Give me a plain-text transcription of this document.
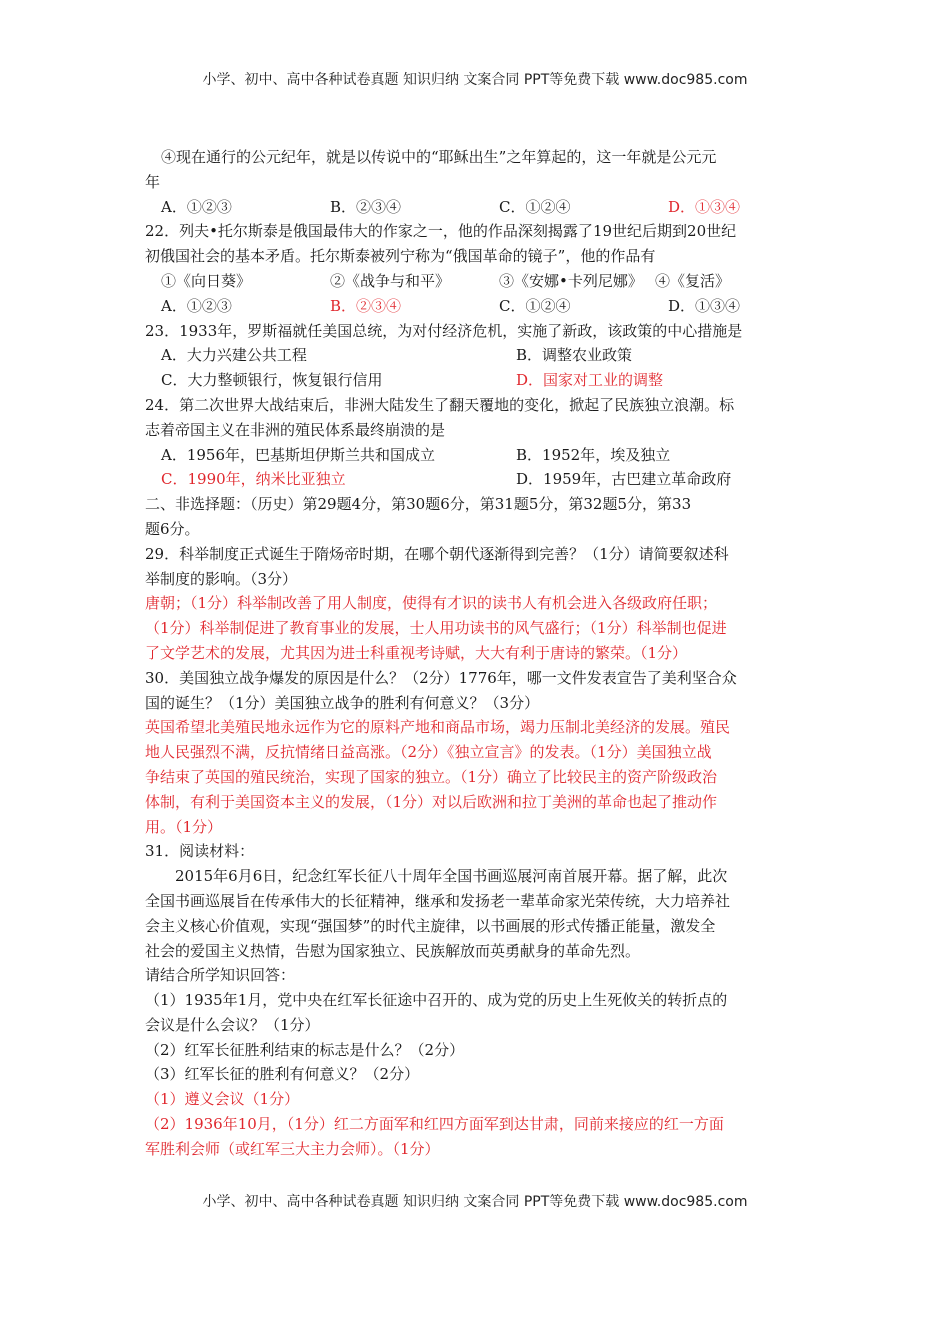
小学、初中、高中各种试卷真题 知识归纳 文案合同 PPT等免费下载 www.doc985.com
④现在通行的公元纪年，就是以传说中的“耶稣出生”之年算起的，这一年就是公元元
年
A．①②③	B．②③④	C．①②④	D．①③④
22．列夫•托尔斯泰是俄国最伟大的作家之一，他的作品深刻揭露了19世纪后期到20世纪
初俄国社会的基本矛盾。托尔斯泰被列宁称为“俄国革命的镜子”，他的作品有
①《向日葵》	②《战争与和平》	③《安娜•卡列尼娜》 ④《复活》
A．①②③	B．②③④	C．①②④	D．①③④
23．1933年，罗斯福就任美国总统，为对付经济危机，实施了新政，该政策的中心措施是
A．大力兴建公共工程	B．调整农业政策
C．大力整顿银行，恢复银行信用	D．国家对工业的调整
24．第二次世界大战结束后，非洲大陆发生了翻天覆地的变化，掀起了民族独立浪潮。标
志着帝国主义在非洲的殖民体系最终崩溃的是
A．1956年，巴基斯坦伊斯兰共和国成立	B．1952年，埃及独立
C．1990年，纳米比亚独立	D．1959年，古巴建立革命政府
二、非选择题：（历史）第29题4分，第30题6分，第31题5分，第32题5分，第33
题6分。
29．科举制度正式诞生于隋炀帝时期，在哪个朝代逐渐得到完善？（1分）请简要叙述科
举制度的影响。（3分）
唐朝；（1分）科举制改善了用人制度，使得有才识的读书人有机会进入各级政府任职；
（1分）科举制促进了教育事业的发展，士人用功读书的风气盛行；（1分）科举制也促进
了文学艺术的发展，尤其因为进士科重视考诗赋，大大有利于唐诗的繁荣。（1分）
30．美国独立战争爆发的原因是什么？（2分）1776年，哪一文件发表宣告了美利坚合众
国的诞生？（1分）美国独立战争的胜利有何意义？（3分）
英国希望北美殖民地永远作为它的原料产地和商品市场，竭力压制北美经济的发展。殖民
地人民强烈不满，反抗情绪日益高涨。（2分）《独立宣言》的发表。（1分）美国独立战
争结束了英国的殖民统治，实现了国家的独立。（1分）确立了比较民主的资产阶级政治
体制，有利于美国资本主义的发展，（1分）对以后欧洲和拉丁美洲的革命也起了推动作
用。（1分）
31．阅读材料：
2015年6月6日，纪念红军长征八十周年全国书画巡展河南首展开幕。据了解，此次
全国书画巡展旨在传承伟大的长征精神，继承和发扬老一辈革命家光荣传统，大力培养社
会主义核心价值观，实现“强国梦”的时代主旋律，以书画展的形式传播正能量，激发全
社会的爱国主义热情，告慰为国家独立、民族解放而英勇献身的革命先烈。
请结合所学知识回答：
（1）1935年1月，党中央在红军长征途中召开的、成为党的历史上生死攸关的转折点的
会议是什么会议？（1分）
（2）红军长征胜利结束的标志是什么？（2分）
（3）红军长征的胜利有何意义？（2分）
（1）遵义会议（1分）
（2）1936年10月，（1分）红二方面军和红四方面军到达甘肃，同前来接应的红一方面
军胜利会师（或红军三大主力会师）。（1分）
小学、初中、高中各种试卷真题 知识归纳 文案合同 PPT等免费下载 www.doc985.com
